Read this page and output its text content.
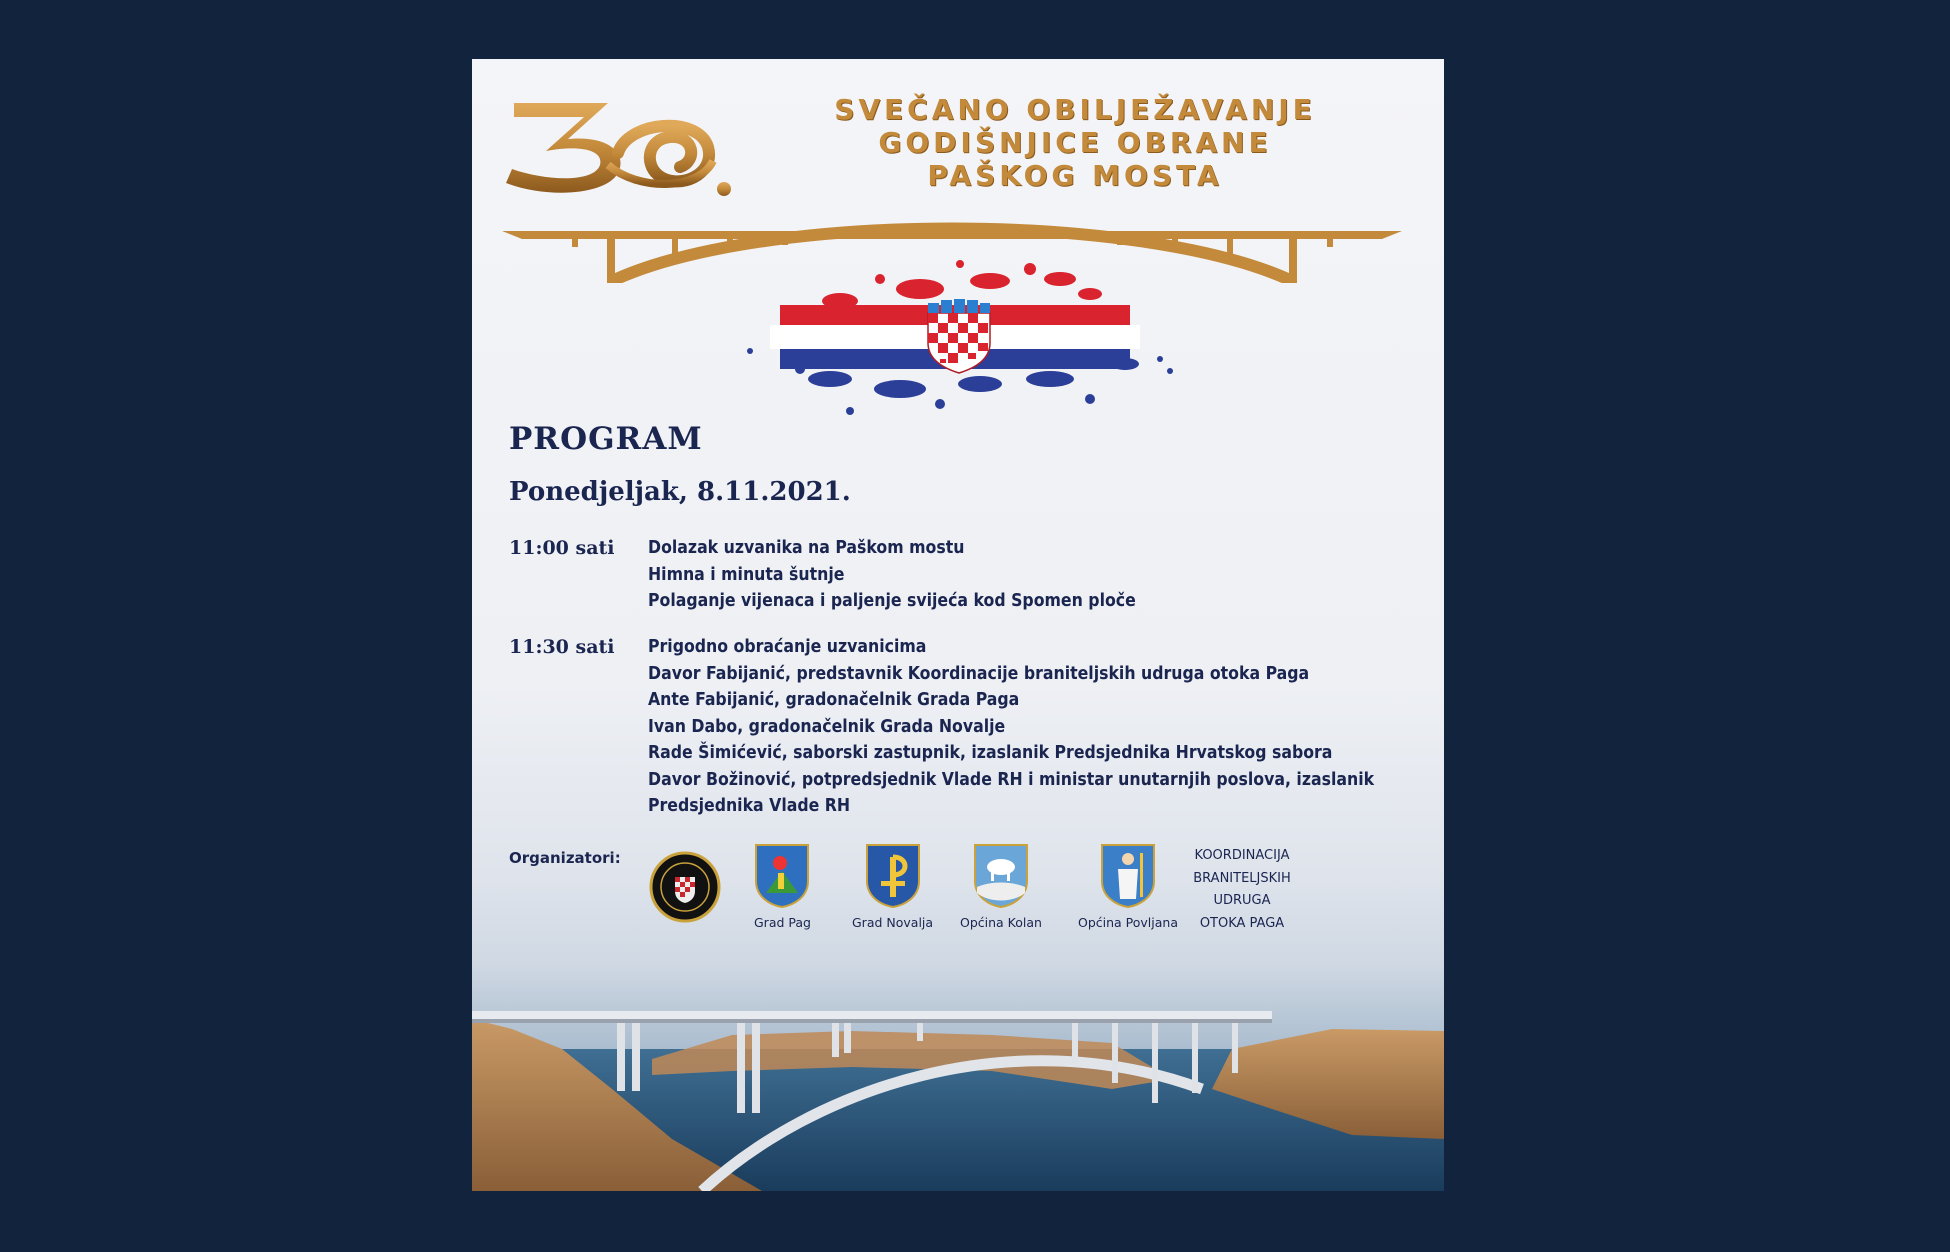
SVEČANO OBILJEŽAVANJE
GODIŠNJICE OBRANE
PAŠKOG MOSTA
PROGRAM
Ponedjeljak, 8.11.2021.
11:00 sati	Dolazak uzvanika na Paškom mostu
Himna i minuta šutnje
Polaganje vijenaca i paljenje svijeća kod Spomen ploče
11:30 sati	Prigodno obraćanje uzvanicima
Davor Fabijanić, predstavnik Koordinacije braniteljskih udruga otoka Paga
Ante Fabijanić, gradonačelnik Grada Paga
Ivan Dabo, gradonačelnik Grada Novalje
Rade Šimićević, saborski zastupnik, izaslanik Predsjednika Hrvatskog sabora
Davor Božinović, potpredsjednik Vlade RH i ministar unutarnjih poslova, izaslanik
Predsjednika Vlade RH
Organizatori:
Grad Pag	Grad Novalja Općina Kolan	Općina Povljana
KOORDINACIJA
BRANITELJSKIH
UDRUGA
OTOKA PAGA
